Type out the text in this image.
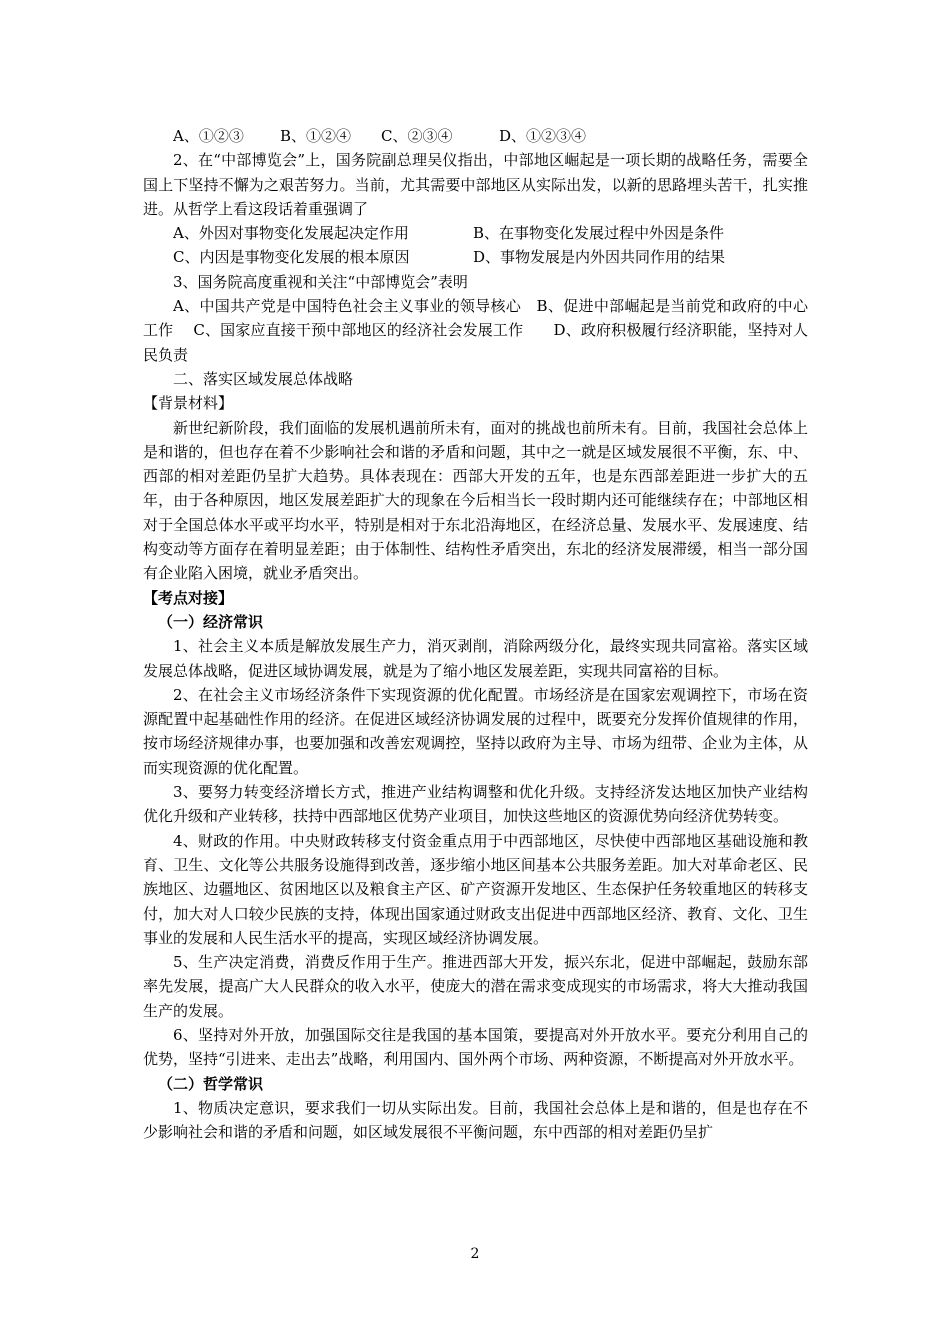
A、①②③ B、①②④ C、②③④	D、①②③④

2、在“中部博览会”上，国务院副总理吴仪指出，中部地区崛起是一项长期的战略任务，需要全国上下坚持不懈为之艰苦努力。当前，尤其需要中部地区从实际出发，以新的思路埋头苦干，扎实推进。从哲学上看这段话着重强调了

A、外因对事物变化发展起决定作用	B、在事物变化发展过程中外因是条件

C、内因是事物变化发展的根本原因	D、事物发展是内外因共同作用的结果

3、国务院高度重视和关注“中部博览会”表明

A、中国共产党是中国特色社会主义事业的领导核心　B、促进中部崛起是当前党和政府的中心工作　 C、国家应直接干预中部地区的经济社会发展工作　　D、政府积极履行经济职能，坚持对人民负责

二、落实区域发展总体战略

【背景材料】

新世纪新阶段，我们面临的发展机遇前所未有，面对的挑战也前所未有。目前，我国社会总体上是和谐的，但也存在着不少影响社会和谐的矛盾和问题，其中之一就是区域发展很不平衡，东、中、西部的相对差距仍呈扩大趋势。具体表现在：西部大开发的五年，也是东西部差距进一步扩大的五年，由于各种原因，地区发展差距扩大的现象在今后相当长一段时期内还可能继续存在；中部地区相对于全国总体水平或平均水平，特别是相对于东北沿海地区，在经济总量、发展水平、发展速度、结构变动等方面存在着明显差距；由于体制性、结构性矛盾突出，东北的经济发展滞缓，相当一部分国有企业陷入困境，就业矛盾突出。

【考点对接】

（一）经济常识

1、社会主义本质是解放发展生产力，消灭剥削，消除两级分化，最终实现共同富裕。落实区域发展总体战略，促进区域协调发展，就是为了缩小地区发展差距，实现共同富裕的目标。

2、在社会主义市场经济条件下实现资源的优化配置。市场经济是在国家宏观调控下，市场在资源配置中起基础性作用的经济。在促进区域经济协调发展的过程中，既要充分发挥价值规律的作用，按市场经济规律办事，也要加强和改善宏观调控，坚持以政府为主导、市场为纽带、企业为主体，从而实现资源的优化配置。

3、要努力转变经济增长方式，推进产业结构调整和优化升级。支持经济发达地区加快产业结构优化升级和产业转移，扶持中西部地区优势产业项目，加快这些地区的资源优势向经济优势转变。

4、财政的作用。中央财政转移支付资金重点用于中西部地区，尽快使中西部地区基础设施和教育、卫生、文化等公共服务设施得到改善，逐步缩小地区间基本公共服务差距。加大对革命老区、民族地区、边疆地区、贫困地区以及粮食主产区、矿产资源开发地区、生态保护任务较重地区的转移支付，加大对人口较少民族的支持，体现出国家通过财政支出促进中西部地区经济、教育、文化、卫生事业的发展和人民生活水平的提高，实现区域经济协调发展。

5、生产决定消费，消费反作用于生产。推进西部大开发，振兴东北，促进中部崛起，鼓励东部率先发展，提高广大人民群众的收入水平，使庞大的潜在需求变成现实的市场需求，将大大推动我国生产的发展。

6、坚持对外开放，加强国际交往是我国的基本国策，要提高对外开放水平。要充分利用自己的优势，坚持“引进来、走出去”战略，利用国内、国外两个市场、两种资源，不断提高对外开放水平。

（二）哲学常识

1、物质决定意识，要求我们一切从实际出发。目前，我国社会总体上是和谐的，但是也存在不少影响社会和谐的矛盾和问题，如区域发展很不平衡问题，东中西部的相对差距仍呈扩

2
